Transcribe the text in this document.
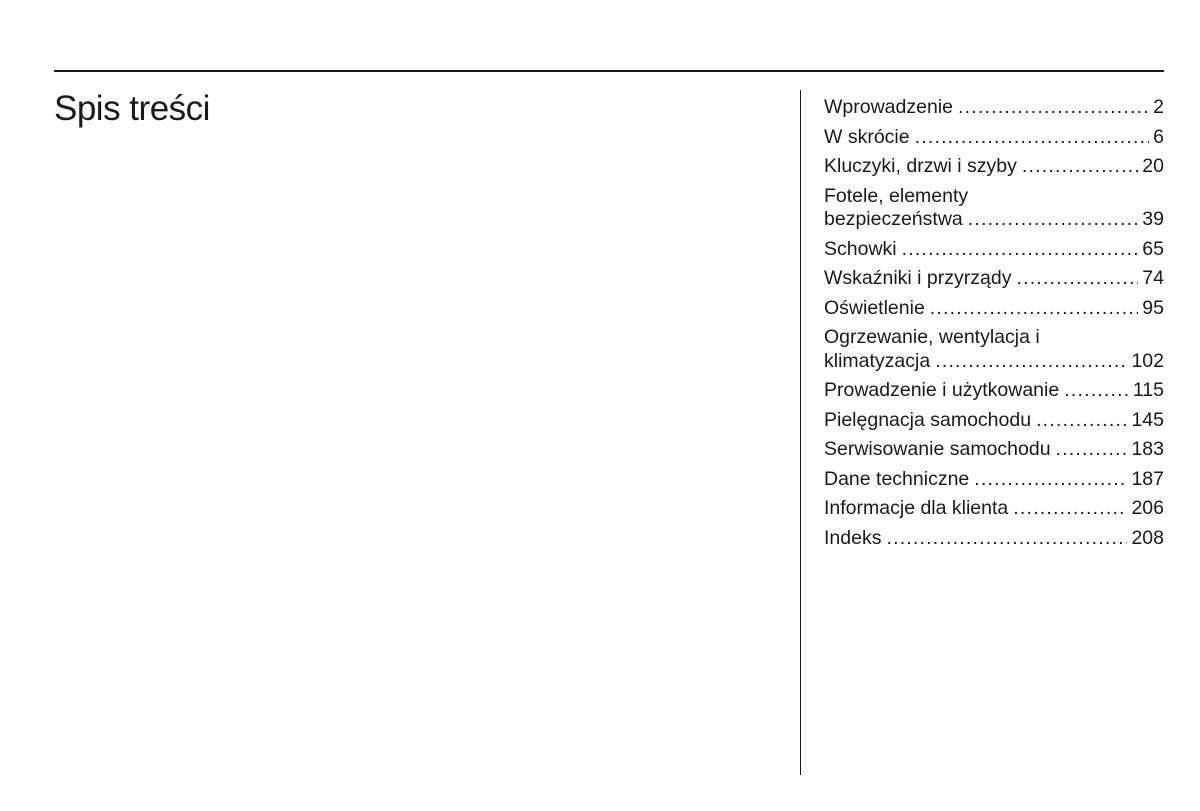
Spis treści	Wprowadzenie .....	2
W skrócie .....	6
Kluczyki, drzwi i szyby .....	20
Fotele, elementy
bezpieczeństwa .....	39
Schowki .....	65
Wskaźniki i przyrządy .....	74
Oświetlenie .....	95
Ogrzewanie, wentylacja i
klimatyzacja .....	102
Prowadzenie i użytkowanie .....	115
Pielęgnacja samochodu .....	145
Serwisowanie samochodu .....	183
Dane techniczne .....	187
Informacje dla klienta .....	206
Indeks .....	208
